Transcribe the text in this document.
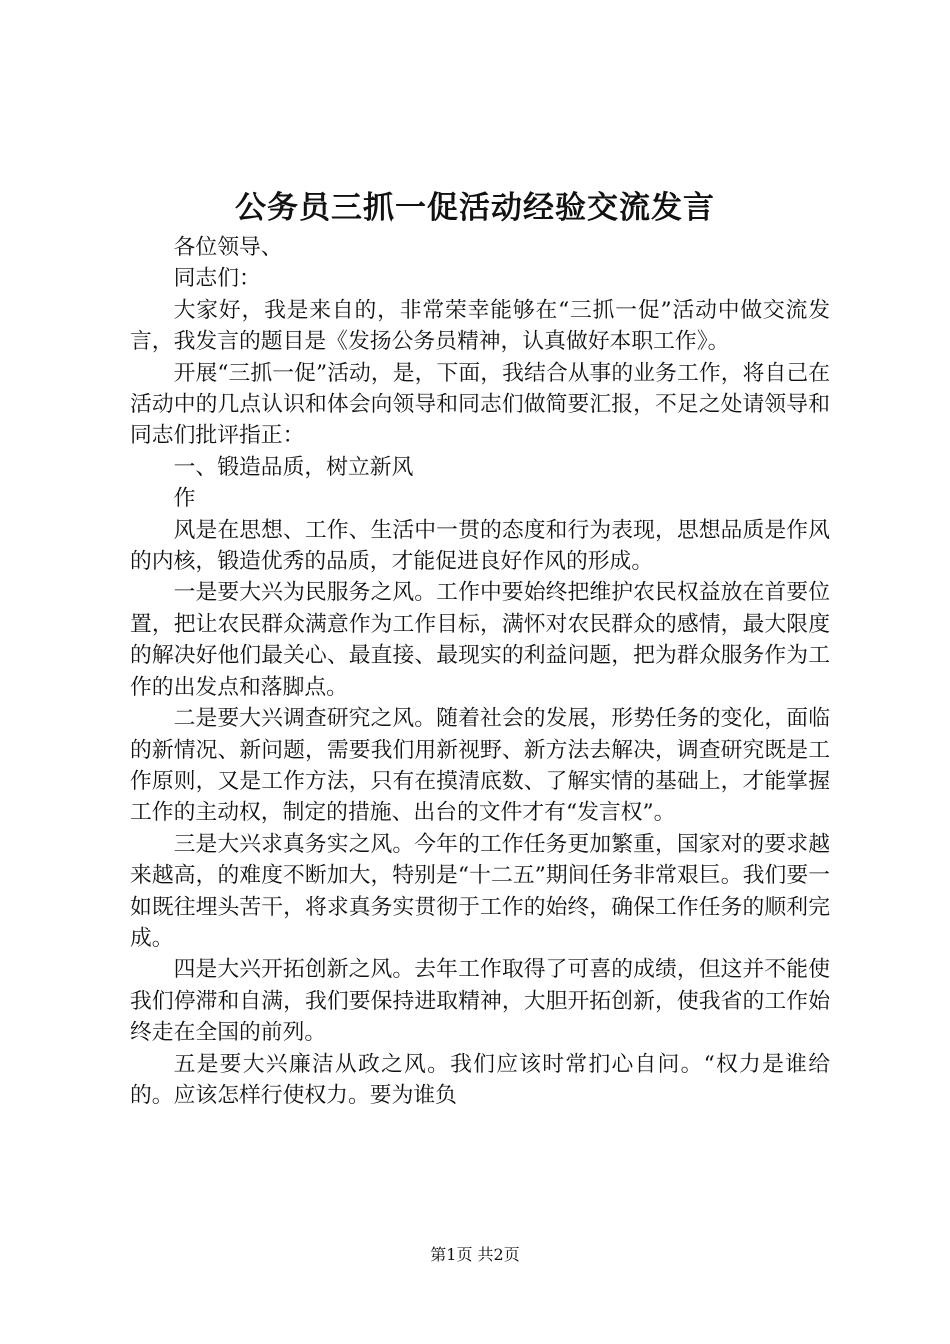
公务员三抓一促活动经验交流发言

各位领导、

同志们：

大家好，我是来自的，非常荣幸能够在“三抓一促”活动中做交流发言，我发言的题目是《发扬公务员精神，认真做好本职工作》。

开展“三抓一促”活动，是，下面，我结合从事的业务工作，将自己在活动中的几点认识和体会向领导和同志们做简要汇报，不足之处请领导和同志们批评指正：

一、锻造品质，树立新风

作

风是在思想、工作、生活中一贯的态度和行为表现，思想品质是作风的内核，锻造优秀的品质，才能促进良好作风的形成。

一是要大兴为民服务之风。工作中要始终把维护农民权益放在首要位置，把让农民群众满意作为工作目标，满怀对农民群众的感情，最大限度的解决好他们最关心、最直接、最现实的利益问题，把为群众服务作为工作的出发点和落脚点。

二是要大兴调查研究之风。随着社会的发展，形势任务的变化，面临的新情况、新问题，需要我们用新视野、新方法去解决，调查研究既是工作原则，又是工作方法，只有在摸清底数、了解实情的基础上，才能掌握工作的主动权，制定的措施、出台的文件才有“发言权”。

三是大兴求真务实之风。今年的工作任务更加繁重，国家对的要求越来越高，的难度不断加大，特别是“十二五”期间任务非常艰巨。我们要一如既往埋头苦干，将求真务实贯彻于工作的始终，确保工作任务的顺利完成。

四是大兴开拓创新之风。去年工作取得了可喜的成绩，但这并不能使我们停滞和自满，我们要保持进取精神，大胆开拓创新，使我省的工作始终走在全国的前列。

五是要大兴廉洁从政之风。我们应该时常扪心自问。“权力是谁给的。应该怎样行使权力。要为谁负

第1页 共2页
